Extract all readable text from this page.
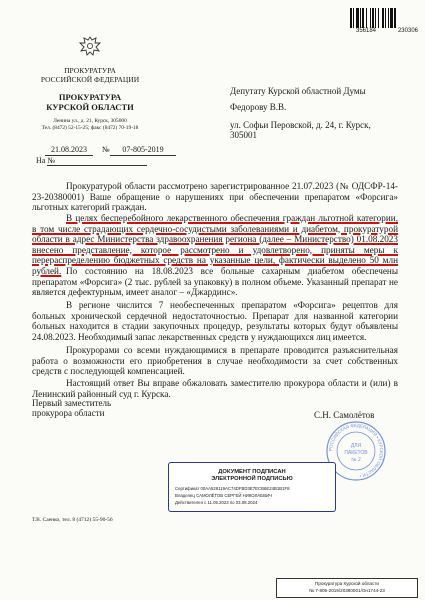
356184	230306
ПРОКУРАТУРА
РОССИЙСКОЙ ФЕДЕРАЦИИ
ПРОКУРАТУРА
КУРСКОЙ ОБЛАСТИ
Ленина ул., д. 21, Курск, 305000
Тел. (8472) 52-15-25; факс (8472) 70-19-18
21.08.2023	№	07-805-2019
На №
Депутату Курской областной Думы
Федорову В.В.
ул. Софьи Перовской, д. 24, г. Курск,
305001
Прокуратурой области рассмотрено зарегистрированное 21.07.2023 (№ ОДСФР-14-23-20380001) Ваше обращение о нарушениях при обеспечении препаратом «Форсига» льготных категорий граждан.
В целях бесперебойного лекарственного обеспечения граждан льготной категории, в том числе страдающих сердечно-сосудистыми заболеваниями и диабетом, прокуратурой области в адрес Министерства здравоохранения региона (далее – Министерство) 01.08.2023 внесено представление, которое рассмотрено и удовлетворено, приняты меры к перераспределению бюджетных средств на указанные цели, фактически выделено 50 млн рублей. По состоянию на 18.08.2023 все больные сахарным диабетом обеспечены препаратом «Форсига» (2 тыс. рублей за упаковку) в полном объеме. Указанный препарат не является дефектурным, имеет аналог – «Джардинс».
В регионе числится 7 необеспеченных препаратом «Форсига» рецептов для больных хронической сердечной недостаточностью. Препарат для названной категории больных находится в стадии закупочных процедур, результаты которых будут объявлены 24.08.2023. Необходимый запас лекарственных средств у нуждающихся лиц имеется.
Прокурорами со всеми нуждающимися в препарате проводится разъяснительная работа о возможности его приобретения в случае необходимости за счет собственных средств с последующей компенсацией.
Настоящий ответ Вы вправе обжаловать заместителю прокурора области и (или) в Ленинский районный суд г. Курска.
Первый заместитель
прокурора области	С.Н. Самолётов
РОССИЙСКАЯ ФЕДЕРАЦИЯ • КУРСКОЙ ОБЛАСТИ •
ДЛЯ
ПАКЕТОВ
№ 2
ДОКУМЕНТ ПОДПИСАН
ЭЛЕКТРОННОЙ ПОДПИСЬЮ
Сертификат 00AA528119AC74DFBD3E7ECB6E24B1B1F8
Владелец САМОЛЁТОВ СЕРГЕЙ НИКОЛАЕВИЧ
Действителен с 11.05.2023 по 03.08.2024
Т.В. Саенко, тел. 8 (4712) 55-90-56
Прокуратура Курской области
№ 7-805-2019/20380001/Он1744-23
